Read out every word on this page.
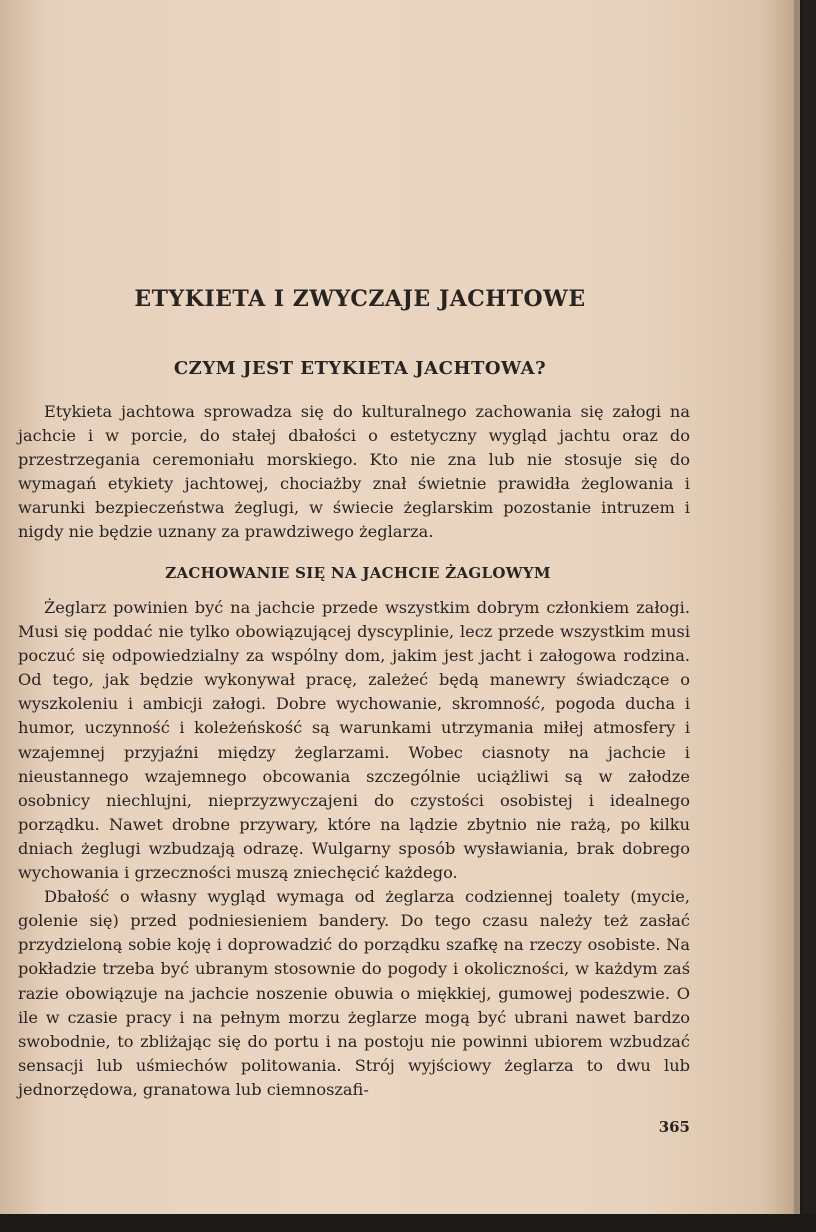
ETYKIETA I ZWYCZAJE JACHTOWE
CZYM JEST ETYKIETA JACHTOWA?

Etykieta jachtowa sprowadza się do kulturalnego zachowania się załogi na jachcie i w porcie, do stałej dbałości o estetyczny wygląd jachtu oraz do przestrzegania ceremoniału morskiego. Kto nie zna lub nie stosuje się do wymagań etykiety jachtowej, chociażby znał świetnie prawidła żeglowania i warunki bezpieczeństwa żeglugi, w świecie żeglarskim pozostanie intruzem i nigdy nie będzie uznany za prawdziwego żeglarza.

ZACHOWANIE SIĘ NA JACHCIE ŻAGLOWYM

Żeglarz powinien być na jachcie przede wszystkim dobrym członkiem załogi. Musi się poddać nie tylko obowiązującej dyscyplinie, lecz przede wszystkim musi poczuć się odpowiedzialny za wspólny dom, jakim jest jacht i załogowa rodzina. Od tego, jak będzie wykonywał pracę, zależeć będą manewry świadczące o wyszkoleniu i ambicji załogi. Dobre wychowanie, skromność, pogoda ducha i humor, uczynność i koleżeńskość są warunkami utrzymania miłej atmosfery i wzajemnej przyjaźni między żeglarzami. Wobec ciasnoty na jachcie i nieustannego wzajemnego obcowania szczególnie uciążliwi są w załodze osobnicy niechlujni, nieprzyzwyczajeni do czystości osobistej i idealnego porządku. Nawet drobne przywary, które na lądzie zbytnio nie rażą, po kilku dniach żeglugi wzbudzają odrazę. Wulgarny sposób wysławiania, brak dobrego wychowania i grzeczności muszą zniechęcić każdego.

Dbałość o własny wygląd wymaga od żeglarza codziennej toalety (mycie, golenie się) przed podniesieniem bandery. Do tego czasu należy też zasłać przydzieloną sobie koję i doprowadzić do porządku szafkę na rzeczy osobiste. Na pokładzie trzeba być ubranym stosownie do pogody i okoliczności, w każdym zaś razie obowiązuje na jachcie noszenie obuwia o miękkiej, gumowej podeszwie. O ile w czasie pracy i na pełnym morzu żeglarze mogą być ubrani nawet bardzo swobodnie, to zbliżając się do portu i na postoju nie powinni ubiorem wzbudzać sensacji lub uśmiechów politowania. Strój wyjściowy żeglarza to dwu lub jednorzędowa, granatowa lub ciemnoszafi-

365
